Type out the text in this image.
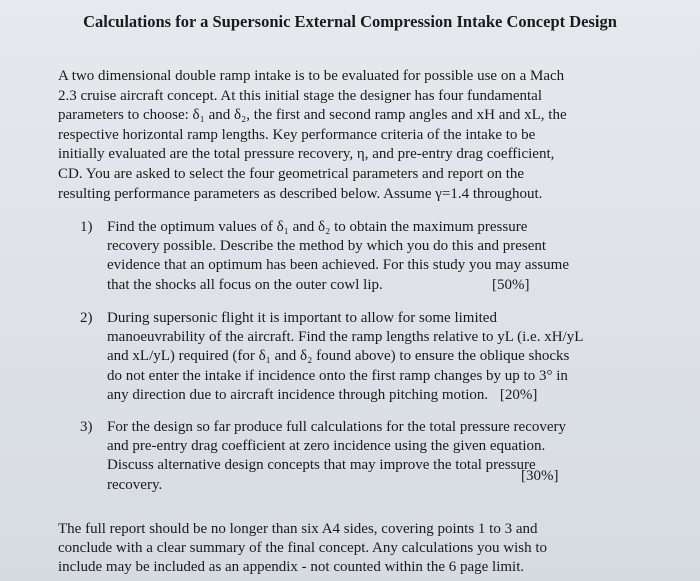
Calculations for a Supersonic External Compression Intake Concept Design
A two dimensional double ramp intake is to be evaluated for possible use on a Mach
2.3 cruise aircraft concept. At this initial stage the designer has four fundamental
parameters to choose: δ₁ and δ₂, the first and second ramp angles and xH and xL, the
respective horizontal ramp lengths. Key performance criteria of the intake to be
initially evaluated are the total pressure recovery, η, and pre-entry drag coefficient,
CD. You are asked to select the four geometrical parameters and report on the
resulting performance parameters as described below. Assume γ=1.4 throughout.
1) Find the optimum values of δ₁ and δ₂ to obtain the maximum pressure
recovery possible. Describe the method by which you do this and present
evidence that an optimum has been achieved. For this study you may assume
that the shocks all focus on the outer cowl lip.	[50%]
2) During supersonic flight it is important to allow for some limited
manoeuvrability of the aircraft. Find the ramp lengths relative to yL (i.e. xH/yL
and xL/yL) required (for δ₁ and δ₂ found above) to ensure the oblique shocks
do not enter the intake if incidence onto the first ramp changes by up to 3° in
any direction due to aircraft incidence through pitching motion. [20%]
3) For the design so far produce full calculations for the total pressure recovery
and pre-entry drag coefficient at zero incidence using the given equation.
Discuss alternative design concepts that may improve the total pressure
recovery.
[30%]
The full report should be no longer than six A4 sides, covering points 1 to 3 and
conclude with a clear summary of the final concept. Any calculations you wish to
include may be included as an appendix - not counted within the 6 page limit.
